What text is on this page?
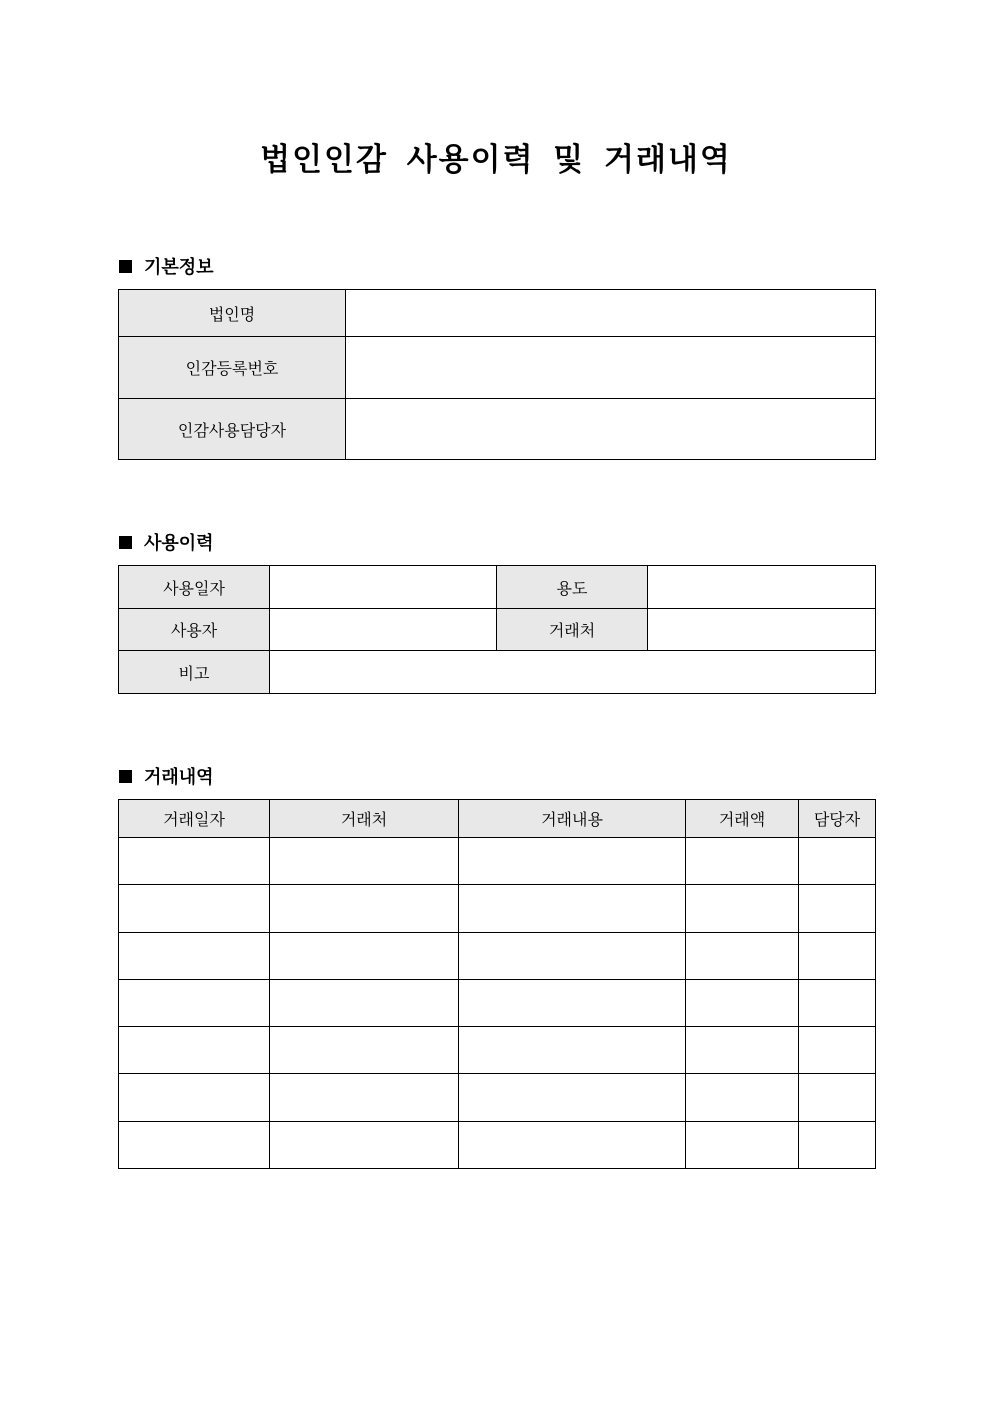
법인인감 사용이력 및 거래내역
기본정보
법인명	
인감등록번호	
인감사용담당자	
사용이력
사용일자		용도	
사용자		거래처	
비고			
거래내역
거래일자	거래처	거래내용	거래액	담당자
